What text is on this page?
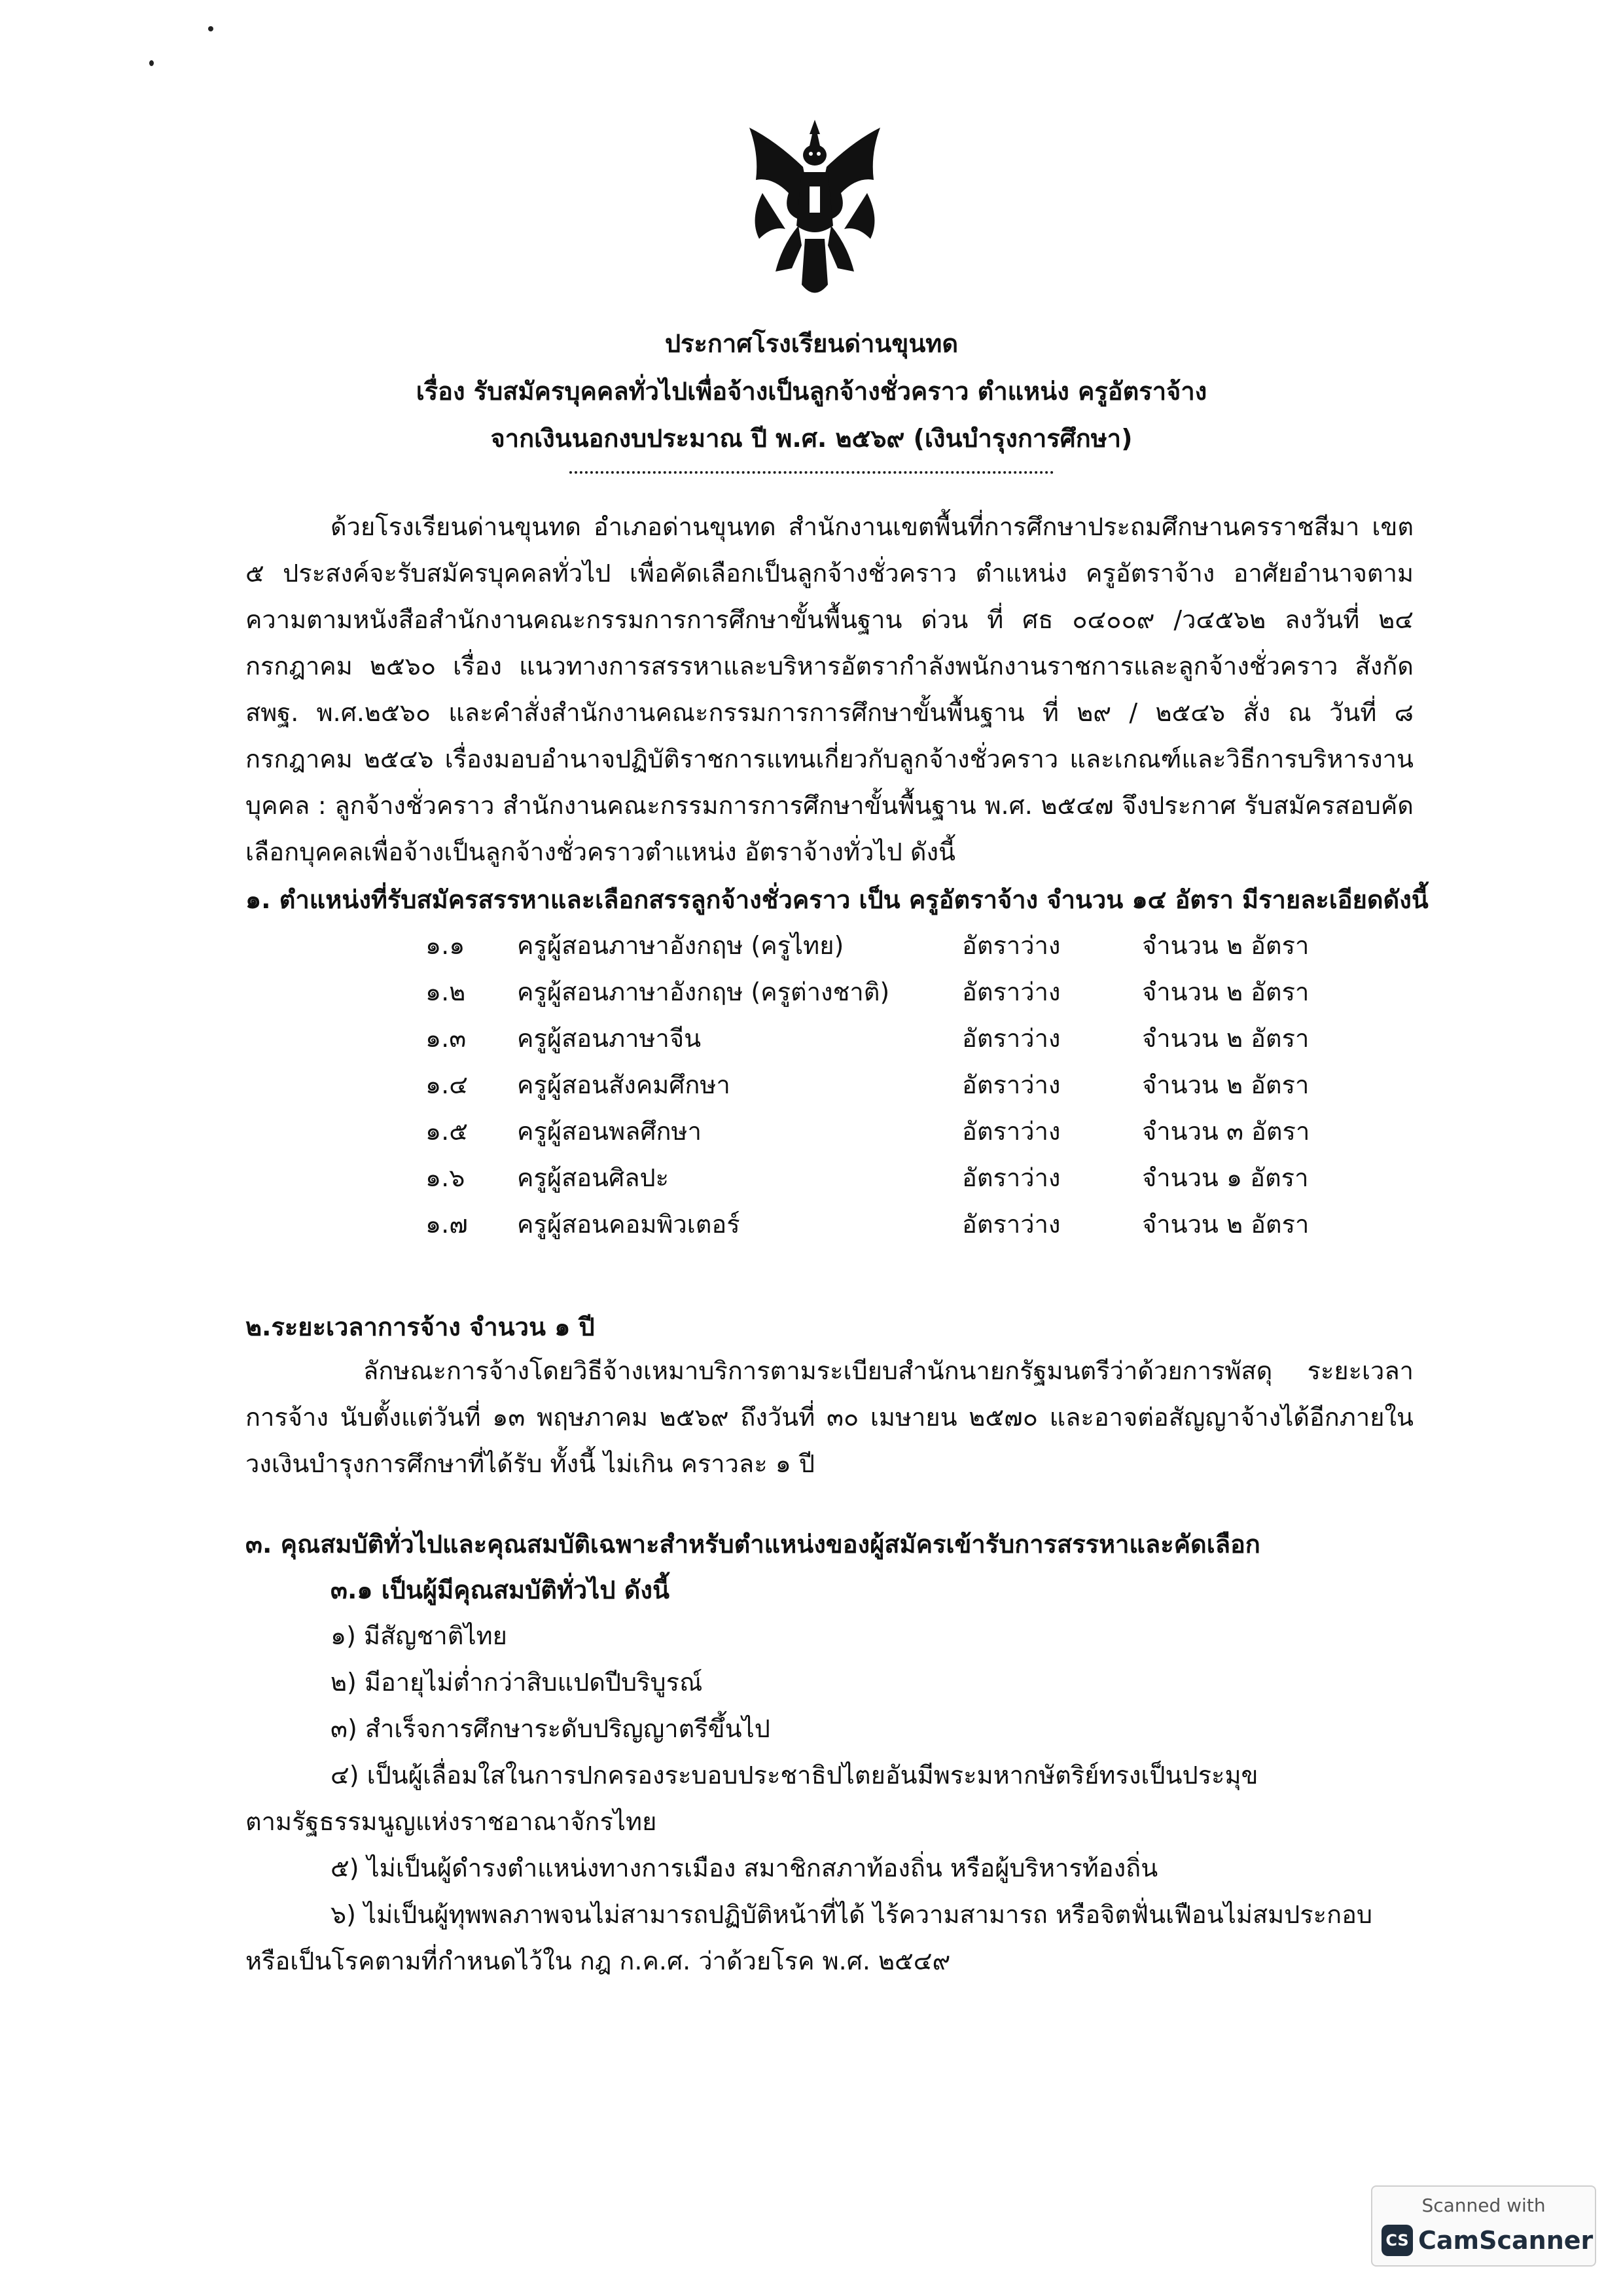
ประกาศโรงเรียนด่านขุนทด
เรื่อง รับสมัครบุคคลทั่วไปเพื่อจ้างเป็นลูกจ้างชั่วคราว ตำแหน่ง ครูอัตราจ้าง
จากเงินนอกงบประมาณ ปี พ.ศ. ๒๕๖๙ (เงินบำรุงการศึกษา)
ด้วยโรงเรียนด่านขุนทด อำเภอด่านขุนทด สำนักงานเขตพื้นที่การศึกษาประถมศึกษานครราชสีมา เขต ๕ ประสงค์จะรับสมัครบุคคลทั่วไป เพื่อคัดเลือกเป็นลูกจ้างชั่วคราว ตำแหน่ง ครูอัตราจ้าง อาศัยอำนาจตามความตามหนังสือสำนักงานคณะกรรมการการศึกษาขั้นพื้นฐาน ด่วน ที่ ศธ ๐๔๐๐๙ /ว๔๕๖๒ ลงวันที่ ๒๔ กรกฎาคม ๒๕๖๐ เรื่อง แนวทางการสรรหาและบริหารอัตรากำลังพนักงานราชการและลูกจ้างชั่วคราว สังกัด สพฐ. พ.ศ.๒๕๖๐ และคำสั่งสำนักงานคณะกรรมการการศึกษาขั้นพื้นฐาน ที่ ๒๙ / ๒๕๔๖ สั่ง ณ วันที่ ๘ กรกฎาคม ๒๕๔๖ เรื่องมอบอำนาจปฏิบัติราชการแทนเกี่ยวกับลูกจ้างชั่วคราว และเกณฑ์และวิธีการบริหารงานบุคคล : ลูกจ้างชั่วคราว สำนักงานคณะกรรมการการศึกษาขั้นพื้นฐาน พ.ศ. ๒๕๔๗ จึงประกาศ รับสมัครสอบคัดเลือกบุคคลเพื่อจ้างเป็นลูกจ้างชั่วคราวตำแหน่ง อัตราจ้างทั่วไป ดังนี้
๑. ตำแหน่งที่รับสมัครสรรหาและเลือกสรรลูกจ้างชั่วคราว เป็น ครูอัตราจ้าง จำนวน ๑๔ อัตรา มีรายละเอียดดังนี้
๑.๑ ครูผู้สอนภาษาอังกฤษ (ครูไทย)	อัตราว่าง	จำนวน ๒ อัตรา
๑.๒ ครูผู้สอนภาษาอังกฤษ (ครูต่างชาติ)	อัตราว่าง	จำนวน ๒ อัตรา
๑.๓ ครูผู้สอนภาษาจีน	อัตราว่าง	จำนวน ๒ อัตรา
๑.๔ ครูผู้สอนสังคมศึกษา	อัตราว่าง	จำนวน ๒ อัตรา
๑.๕ ครูผู้สอนพลศึกษา	อัตราว่าง	จำนวน ๓ อัตรา
๑.๖ ครูผู้สอนศิลปะ	อัตราว่าง	จำนวน ๑ อัตรา
๑.๗ ครูผู้สอนคอมพิวเตอร์	อัตราว่าง	จำนวน ๒ อัตรา
๒.ระยะเวลาการจ้าง จำนวน ๑ ปี
ลักษณะการจ้างโดยวิธีจ้างเหมาบริการตามระเบียบสำนักนายกรัฐมนตรีว่าด้วยการพัสดุ ระยะเวลาการจ้าง นับตั้งแต่วันที่ ๑๓ พฤษภาคม ๒๕๖๙ ถึงวันที่ ๓๐ เมษายน ๒๕๗๐ และอาจต่อสัญญาจ้างได้อีกภายในวงเงินบำรุงการศึกษาที่ได้รับ ทั้งนี้ ไม่เกิน คราวละ ๑ ปี
๓. คุณสมบัติทั่วไปและคุณสมบัติเฉพาะสำหรับตำแหน่งของผู้สมัครเข้ารับการสรรหาและคัดเลือก
๓.๑ เป็นผู้มีคุณสมบัติทั่วไป ดังนี้
๑) มีสัญชาติไทย
๒) มีอายุไม่ต่ำกว่าสิบแปดปีบริบูรณ์
๓) สำเร็จการศึกษาระดับปริญญาตรีขึ้นไป
๔) เป็นผู้เลื่อมใสในการปกครองระบอบประชาธิปไตยอันมีพระมหากษัตริย์ทรงเป็นประมุข
ตามรัฐธรรมนูญแห่งราชอาณาจักรไทย
๕) ไม่เป็นผู้ดำรงตำแหน่งทางการเมือง สมาชิกสภาท้องถิ่น หรือผู้บริหารท้องถิ่น
๖) ไม่เป็นผู้ทุพพลภาพจนไม่สามารถปฏิบัติหน้าที่ได้ ไร้ความสามารถ หรือจิตฟั่นเฟือนไม่สมประกอบ
หรือเป็นโรคตามที่กำหนดไว้ใน กฎ ก.ค.ศ. ว่าด้วยโรค พ.ศ. ๒๕๔๙
Scanned with
CS CamScanner
